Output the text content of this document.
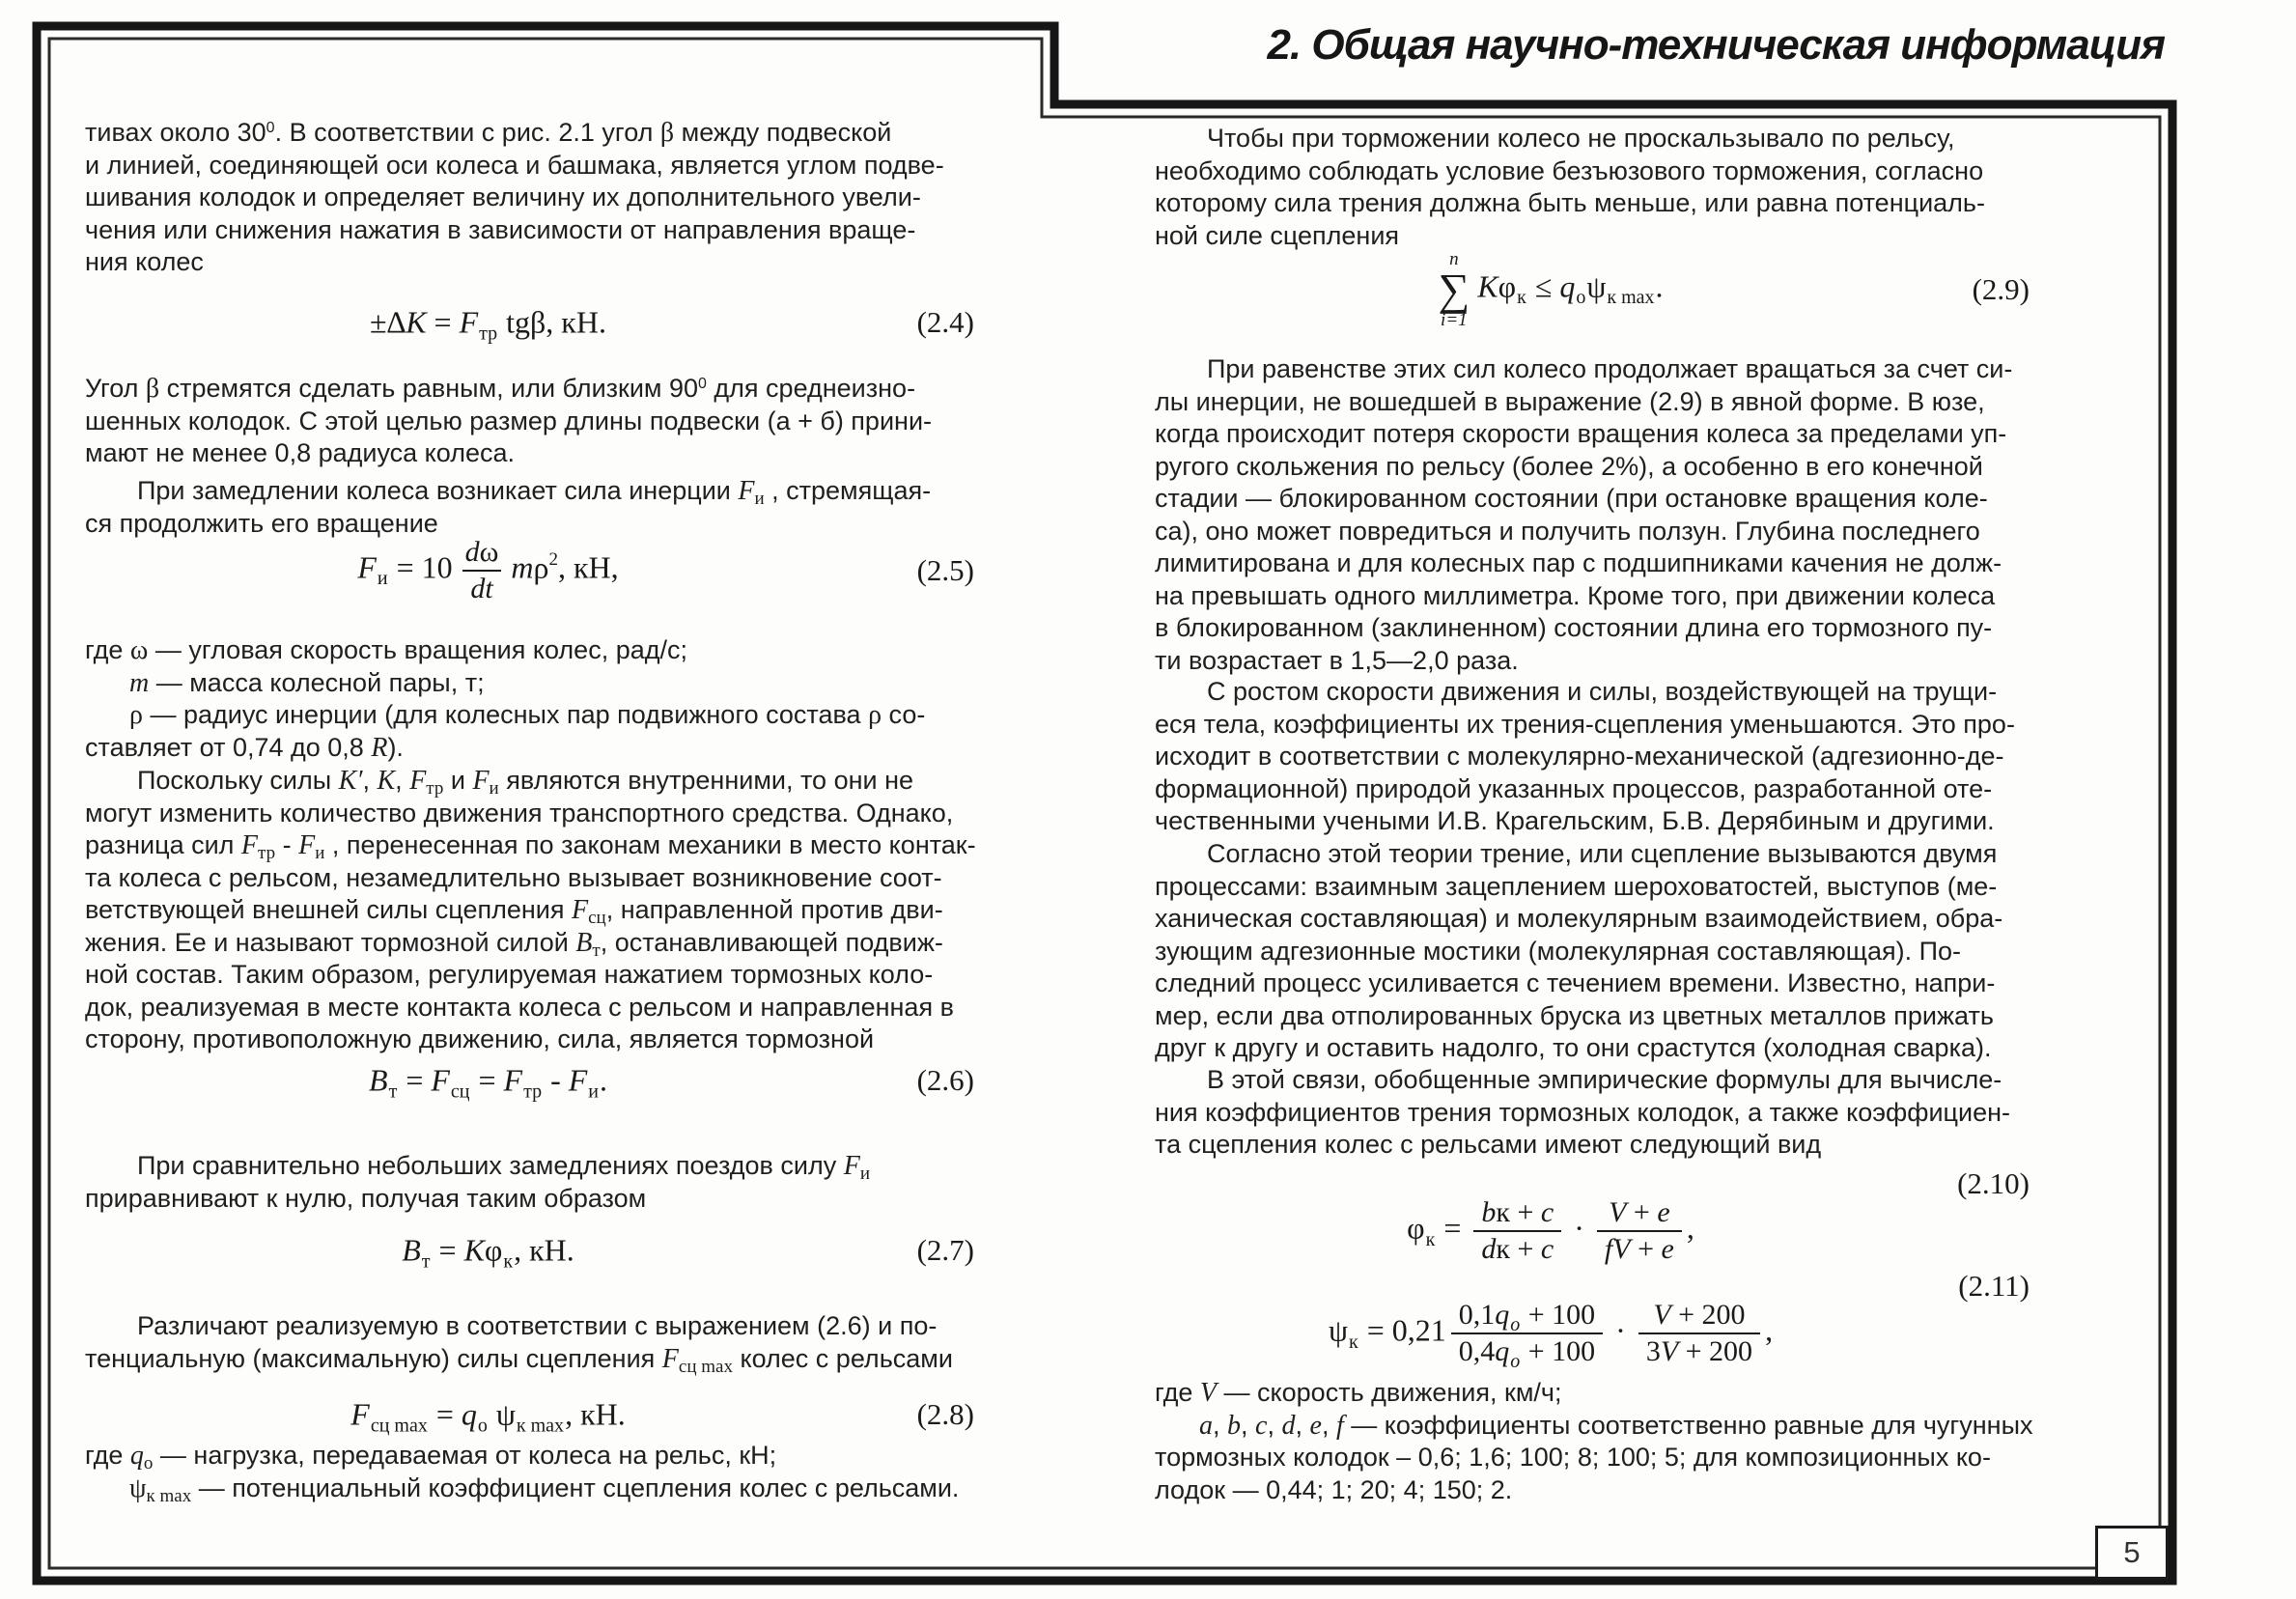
2. Общая научно-техническая информация
тивах около $30^0$. В соответствии с рис. 2.1 угол β между подвеской
и линией, соединяющей оси колеса и башмака, является углом подве-
шивания колодок и определяет величину их дополнительного увели-
чения или снижения нажатия в зависимости от направления враще-
ния колес
$\pm\Delta K = F_{тр}$ tgβ, кН.	(2.4)
Угол β стремятся сделать равным, или близким $90^0$ для среднеизно-
шенных колодок. С этой целью размер длины подвески (а + б) прини-
мают не менее 0,8 радиуса колеса.
При замедлении колеса возникает сила инерции Fи , стремящая-
ся продолжить его вращение
$F_и = 10 \frac{d\omega}{dt} m\rho^2$, кН,	(2.5)
где ω — угловая скорость вращения колес, рад/с;
m — масса колесной пары, т;
ρ — радиус инерции (для колесных пар подвижного состава ρ со-
ставляет от 0,74 до 0,8 R).
Поскольку силы K′, K, Fтр и Fи являются внутренними, то они не
могут изменить количество движения транспортного средства. Однако,
разница сил Fтр - Fи , перенесенная по законам механики в место контак-
та колеса с рельсом, незамедлительно вызывает возникновение соот-
ветствующей внешней силы сцепления Fсц, направленной против дви-
жения. Ее и называют тормозной силой Bт, останавливающей подвиж-
ной состав. Таким образом, регулируемая нажатием тормозных коло-
док, реализуемая в месте контакта колеса с рельсом и направленная в
сторону, противоположную движению, сила, является тормозной
$B_т = F_{сц} = F_{тр} - F_и$.	(2.6)
При сравнительно небольших замедлениях поездов силу Fи
приравнивают к нулю, получая таким образом
$B_т = K\varphi_к$, кН.	(2.7)
Различают реализуемую в соответствии с выражением (2.6) и по-
тенциальную (максимальную) силы сцепления Fсц max колес с рельсами
$F_{сц max} = q_о$ $\psi_{к max}$, кН.	(2.8)
где qо — нагрузка, передаваемая от колеса на рельс, кН;
ψк max — потенциальный коэффициент сцепления колес с рельсами.
Чтобы при торможении колесо не проскальзывало по рельсу,
необходимо соблюдать условие безъюзового торможения, согласно
которому сила трения должна быть меньше, или равна потенциаль-
ной силе сцепления
n
∑
i=1
$K\varphi_к \le q_о\psi_{к max}$.	(2.9)
При равенстве этих сил колесо продолжает вращаться за счет си-
лы инерции, не вошедшей в выражение (2.9) в явной форме. В юзе,
когда происходит потеря скорости вращения колеса за пределами уп-
ругого скольжения по рельсу (более 2%), а особенно в его конечной
стадии — блокированном состоянии (при остановке вращения коле-
са), оно может повредиться и получить ползун. Глубина последнего
лимитирована и для колесных пар с подшипниками качения не долж-
на превышать одного миллиметра. Кроме того, при движении колеса
в блокированном (заклиненном) состоянии длина его тормозного пу-
ти возрастает в 1,5—2,0 раза.
С ростом скорости движения и силы, воздействующей на трущи-
еся тела, коэффициенты их трения-сцепления уменьшаются. Это про-
исходит в соответствии с молекулярно-механической (адгезионно-де-
формационной) природой указанных процессов, разработанной оте-
чественными учеными И.В. Крагельским, Б.В. Дерябиным и другими.
Согласно этой теории трение, или сцепление вызываются двумя
процессами: взаимным зацеплением шероховатостей, выступов (ме-
ханическая составляющая) и молекулярным взаимодействием, обра-
зующим адгезионные мостики (молекулярная составляющая). По-
следний процесс усиливается с течением времени. Известно, напри-
мер, если два отполированных бруска из цветных металлов прижать
друг к другу и оставить надолго, то они срастутся (холодная сварка).
В этой связи, обобщенные эмпирические формулы для вычисле-
ния коэффициентов трения тормозных колодок, а также коэффициен-
та сцепления колес с рельсами имеют следующий вид
$\varphi_к = \frac{bк + c}{dк + c} \cdot \frac{V + e}{fV + e}$ ,
(2.10)
$\psi_к = 0,21 \frac{0,1q_o + 100}{0,4q_o + 100} \cdot \frac{V + 200}{3V + 200}$ ,
(2.11)
где V — скорость движения, км/ч;
a, b, c, d, e, f — коэффициенты соответственно равные для чугунных
тормозных колодок – 0,6; 1,6; 100; 8; 100; 5; для композиционных ко-
лодок — 0,44; 1; 20; 4; 150; 2.
5
